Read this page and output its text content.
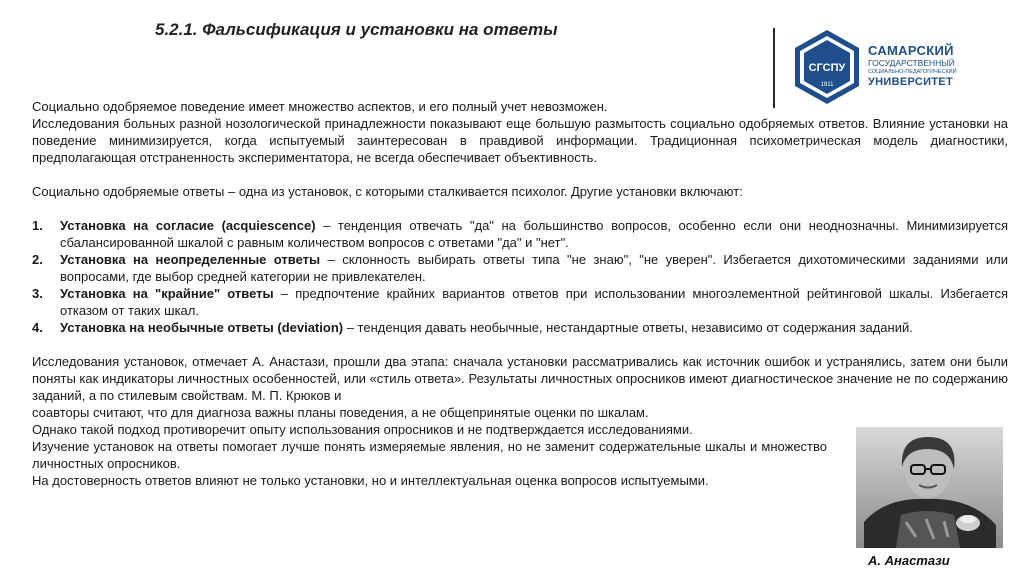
5.2.1. Фальсификация и установки на ответы
СГСПУ
1911
САМАРСКИЙ
ГОСУДАРСТВЕННЫЙ
СОЦИАЛЬНО-ПЕДАГОГИЧЕСКИЙ
УНИВЕРСИТЕТ

Социально одобряемое поведение имеет множество аспектов, и его полный учет невозможен.

Исследования больных разной нозологической принадлежности показывают еще большую размытость социально одобряемых ответов. Влияние установки на поведение минимизируется, когда испытуемый заинтересован в правдивой информации. Традиционная психометрическая модель диагностики, предполагающая отстраненность экспериментатора, не всегда обеспечивает объективность.

Социально одобряемые ответы – одна из установок, с которыми сталкивается психолог. Другие установки включают:

1. Установка на согласие (acquiescence) – тенденция отвечать "да" на большинство вопросов, особенно если они неоднозначны. Минимизируется сбалансированной шкалой с равным количеством вопросов с ответами "да" и "нет".
2. Установка на неопределенные ответы – склонность выбирать ответы типа "не знаю", "не уверен". Избегается дихотомическими заданиями или вопросами, где выбор средней категории не привлекателен.
3. Установка на "крайние" ответы – предпочтение крайних вариантов ответов при использовании многоэлементной рейтинговой шкалы. Избегается отказом от таких шкал.
4. Установка на необычные ответы (deviation) – тенденция давать необычные, нестандартные ответы, независимо от содержания заданий.

Исследования установок, отмечает А. Анастази, прошли два этапа: сначала установки рассматривались как источник ошибок и устранялись, затем они были поняты как индикаторы личностных особенностей, или «стиль ответа». Результаты личностных опросников имеют диагностическое значение не по содержанию заданий, а по стилевым свойствам. М. П. Крюков и

соавторы считают, что для диагноза важны планы поведения, а не общепринятые оценки по шкалам.

Однако такой подход противоречит опыту использования опросников и не подтверждается исследованиями.

Изучение установок на ответы помогает лучше понять измеряемые явления, но не заменит содержательные шкалы и множество личностных опросников.

На достоверность ответов влияют не только установки, но и интеллектуальная оценка вопросов испытуемыми.

А. Анастази
